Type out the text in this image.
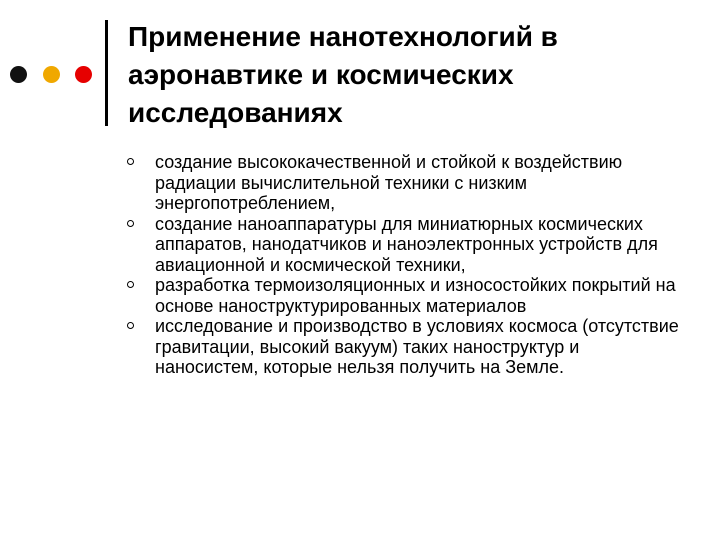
Применение нанотехнологий в аэронавтике и космических исследованиях
создание высококачественной и стойкой к воздействию радиации вычислительной техники с низким энергопотреблением,
создание наноаппаратуры для миниатюрных космических аппаратов, нанодатчиков и наноэлектронных устройств для авиационной и космической техники,
разработка термоизоляционных и износостойких покрытий на основе наноструктурированных материалов
исследование и производство в условиях космоса (отсутствие гравитации, высокий вакуум) таких наноструктур и наносистем, которые нельзя получить на Земле.
